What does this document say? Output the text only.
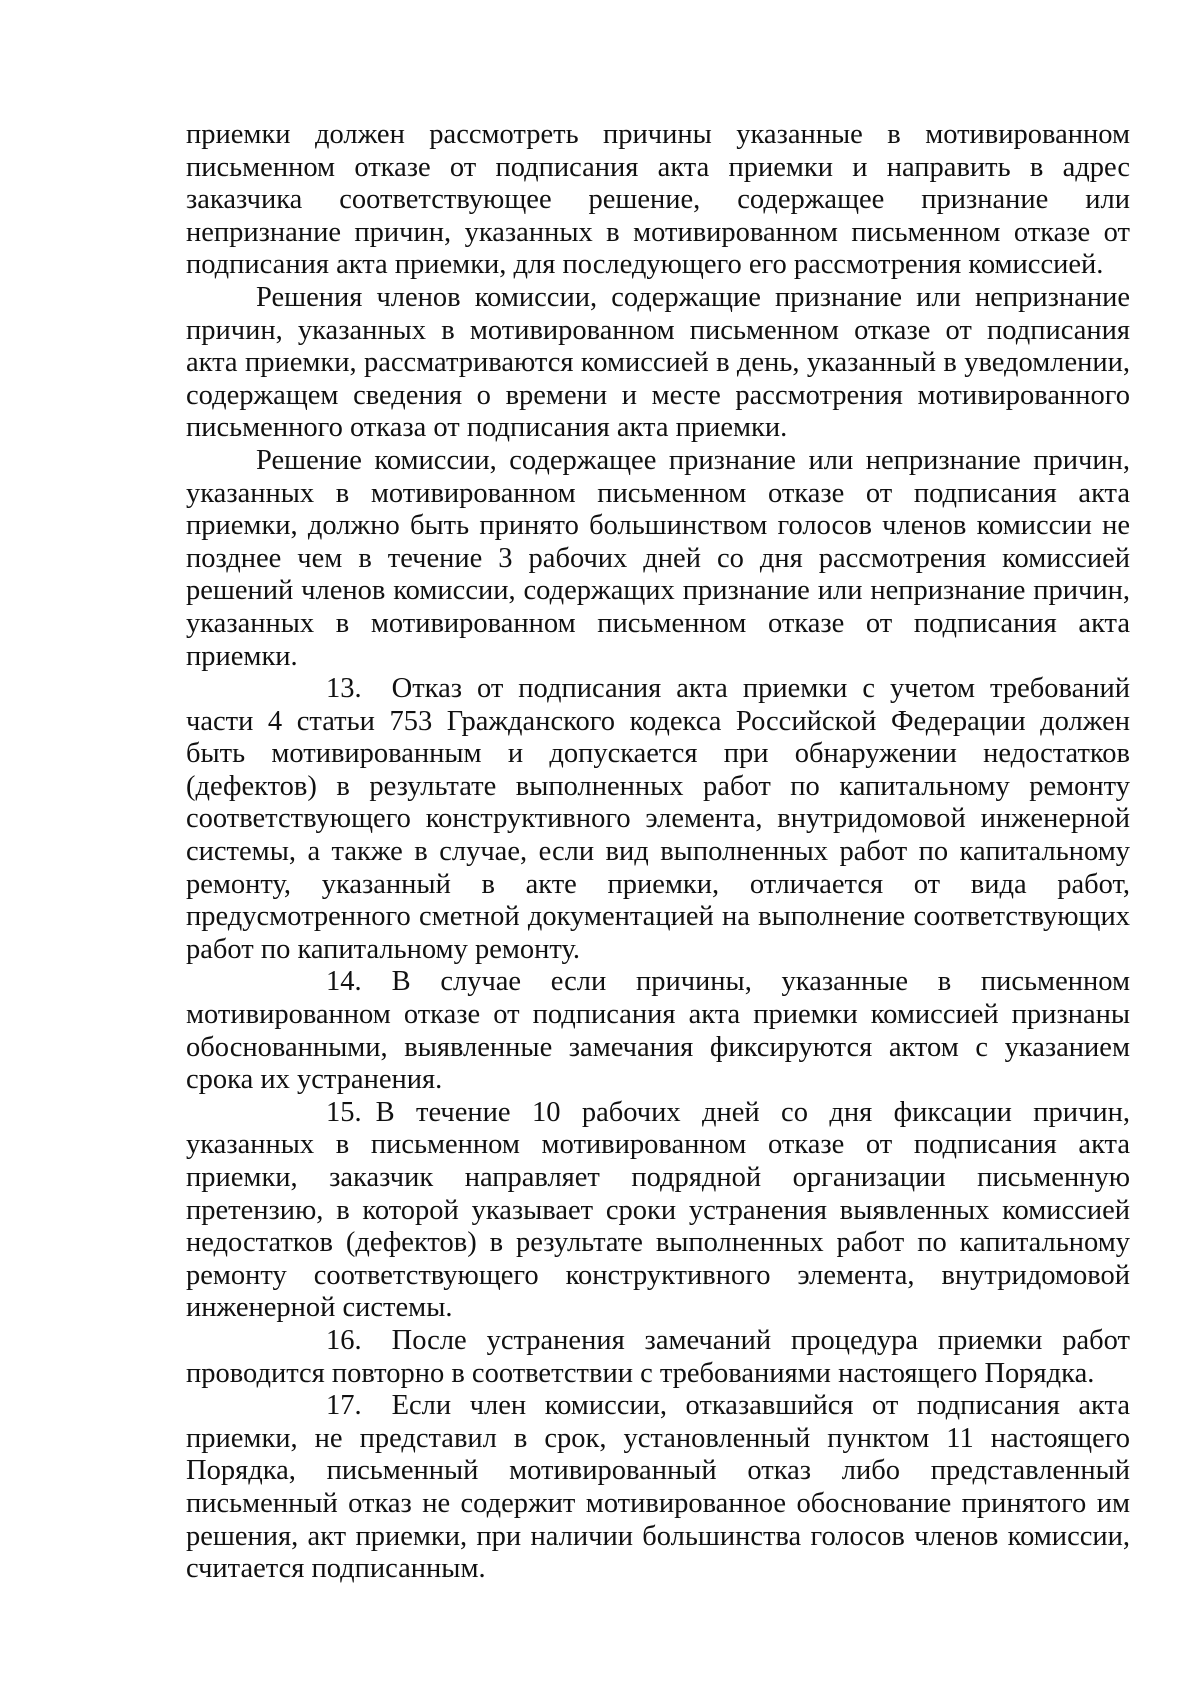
приемки должен рассмотреть причины указанные в мотивированном письменном отказе от подписания акта приемки и направить в адрес заказчика соответствующее решение, содержащее признание или непризнание причин, указанных в мотивированном письменном отказе от подписания акта приемки, для последующего его рассмотрения комиссией.

Решения членов комиссии, содержащие признание или непризнание причин, указанных в мотивированном письменном отказе от подписания акта приемки, рассматриваются комиссией в день, указанный в уведомлении, содержащем сведения о времени и месте рассмотрения мотивированного письменного отказа от подписания акта приемки.

Решение комиссии, содержащее признание или непризнание причин, указанных в мотивированном письменном отказе от подписания акта приемки, должно быть принято большинством голосов членов комиссии не позднее чем в течение 3 рабочих дней со дня рассмотрения комиссией решений членов комиссии, содержащих признание или непризнание причин, указанных в мотивированном письменном отказе от подписания акта приемки.

13. Отказ от подписания акта приемки с учетом требований части 4 статьи 753 Гражданского кодекса Российской Федерации должен быть мотивированным и допускается при обнаружении недостатков (дефектов) в результате выполненных работ по капитальному ремонту соответствующего конструктивного элемента, внутридомовой инженерной системы, а также в случае, если вид выполненных работ по капитальному ремонту, указанный в акте приемки, отличается от вида работ, предусмотренного сметной документацией на выполнение соответствующих работ по капитальному ремонту.

14. В случае если причины, указанные в письменном мотивированном отказе от подписания акта приемки комиссией признаны обоснованными, выявленные замечания фиксируются актом с указанием срока их устранения.

15. В течение 10 рабочих дней со дня фиксации причин, указанных в письменном мотивированном отказе от подписания акта приемки, заказчик направляет подрядной организации письменную претензию, в которой указывает сроки устранения выявленных комиссией недостатков (дефектов) в результате выполненных работ по капитальному ремонту соответствующего конструктивного элемента, внутридомовой инженерной системы.

16. После устранения замечаний процедура приемки работ проводится повторно в соответствии с требованиями настоящего Порядка.

17. Если член комиссии, отказавшийся от подписания акта приемки, не представил в срок, установленный пунктом 11 настоящего Порядка, письменный мотивированный отказ либо представленный письменный отказ не содержит мотивированное обоснование принятого им решения, акт приемки, при наличии большинства голосов членов комиссии, считается подписанным.
